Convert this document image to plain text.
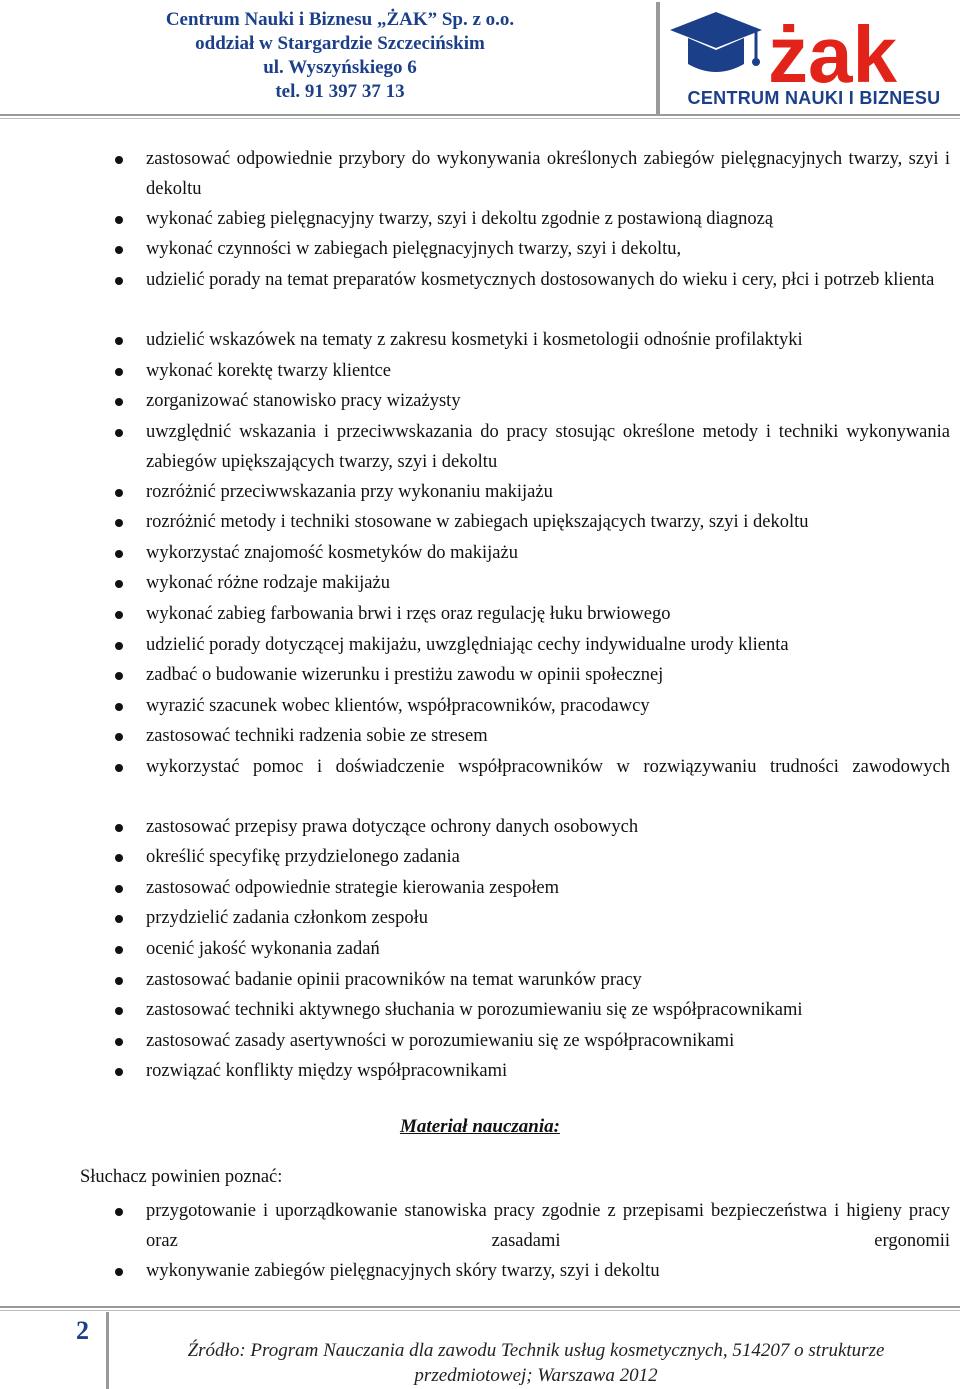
Centrum Nauki i Biznesu „ŻAK” Sp. z o.o.
oddział w Stargardzie Szczecińskim
ul. Wyszyńskiego 6
tel. 91 397 37 13	żak
CENTRUM NAUKI I BIZNESU
zastosować odpowiednie przybory do wykonywania określonych zabiegów pielęgnacyjnych twarzy, szyi i dekoltu
wykonać zabieg pielęgnacyjny twarzy, szyi i dekoltu zgodnie z postawioną diagnozą
wykonać czynności w zabiegach pielęgnacyjnych twarzy, szyi i dekoltu,
udzielić porady na temat preparatów kosmetycznych dostosowanych do wieku i cery, płci i potrzeb klienta
udzielić wskazówek na tematy z zakresu kosmetyki i kosmetologii odnośnie profilaktyki
wykonać korektę twarzy klientce
zorganizować stanowisko pracy wizażysty
uwzględnić wskazania i przeciwwskazania do pracy stosując określone metody i techniki wykonywania zabiegów upiększających twarzy, szyi i dekoltu
rozróżnić przeciwwskazania przy wykonaniu makijażu
rozróżnić metody i techniki stosowane w zabiegach upiększających twarzy, szyi i dekoltu
wykorzystać znajomość kosmetyków do makijażu
wykonać różne rodzaje makijażu
wykonać zabieg farbowania brwi i rzęs oraz regulację łuku brwiowego
udzielić porady dotyczącej makijażu, uwzględniając cechy indywidualne urody klienta
zadbać o budowanie wizerunku i prestiżu zawodu w opinii społecznej
wyrazić szacunek wobec klientów, współpracowników, pracodawcy
zastosować techniki radzenia sobie ze stresem
wykorzystać pomoc i doświadczenie współpracowników w rozwiązywaniu trudności zawodowych
zastosować przepisy prawa dotyczące ochrony danych osobowych
określić specyfikę przydzielonego zadania
zastosować odpowiednie strategie kierowania zespołem
przydzielić zadania członkom zespołu
ocenić jakość wykonania zadań
zastosować badanie opinii pracowników na temat warunków pracy
zastosować techniki aktywnego słuchania w porozumiewaniu się ze współpracownikami
zastosować zasady asertywności w porozumiewaniu się ze współpracownikami
rozwiązać konflikty między współpracownikami
Materiał nauczania:
Słuchacz powinien poznać:
przygotowanie i uporządkowanie stanowiska pracy zgodnie z przepisami bezpieczeństwa i higieny pracy oraz zasadami ergonomii
wykonywanie zabiegów pielęgnacyjnych skóry twarzy, szyi i dekoltu
2
Źródło: Program Nauczania dla zawodu Technik usług kosmetycznych, 514207 o strukturze
przedmiotowej; Warszawa 2012
